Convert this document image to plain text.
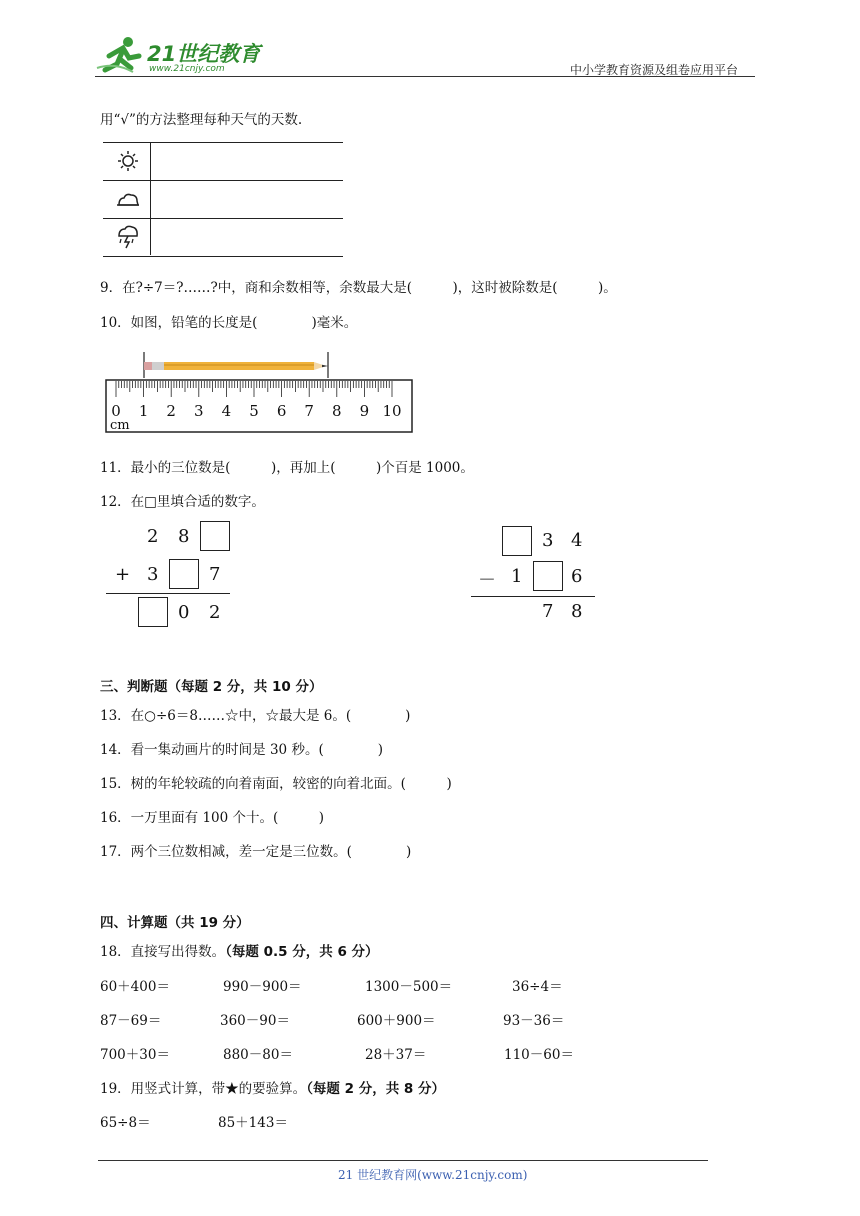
21世纪教育
www.21cnjy.com	中小学教育资源及组卷应用平台
用“√”的方法整理每种天气的天数.
9．在?÷7＝?……?中，商和余数相等，余数最大是(　　　)，这时被除数是(　　　)。
10．如图，铅笔的长度是(　　　　)毫米。
0 1 2 3 4 5 6 7 8 9 10
cm
11．最小的三位数是(　　　)，再加上(　　　)个百是 1000。
12．在□里填合适的数字。
2 8
+ 3	7
0 2
3 4
－ 1	6
7 8
三、判断题（每题 2 分，共 10 分）
13．在○÷6＝8……☆中，☆最大是 6。(　　　　)
14．看一集动画片的时间是 30 秒。(　　　　)
15．树的年轮较疏的向着南面，较密的向着北面。(　　　)
16．一万里面有 100 个十。(　　　)
17．两个三位数相减，差一定是三位数。(　　　　)
四、计算题（共 19 分）
18．直接写出得数。（每题 0.5 分，共 6 分）
60＋400＝	990－900＝	1300－500＝	36÷4＝
87－69＝	360－90＝	600＋900＝	93－36＝
700＋30＝	880－80＝	28＋37＝	110－60＝
19．用竖式计算，带★的要验算。（每题 2 分，共 8 分）
65÷8＝	85＋143＝
21 世纪教育网(www.21cnjy.com)
